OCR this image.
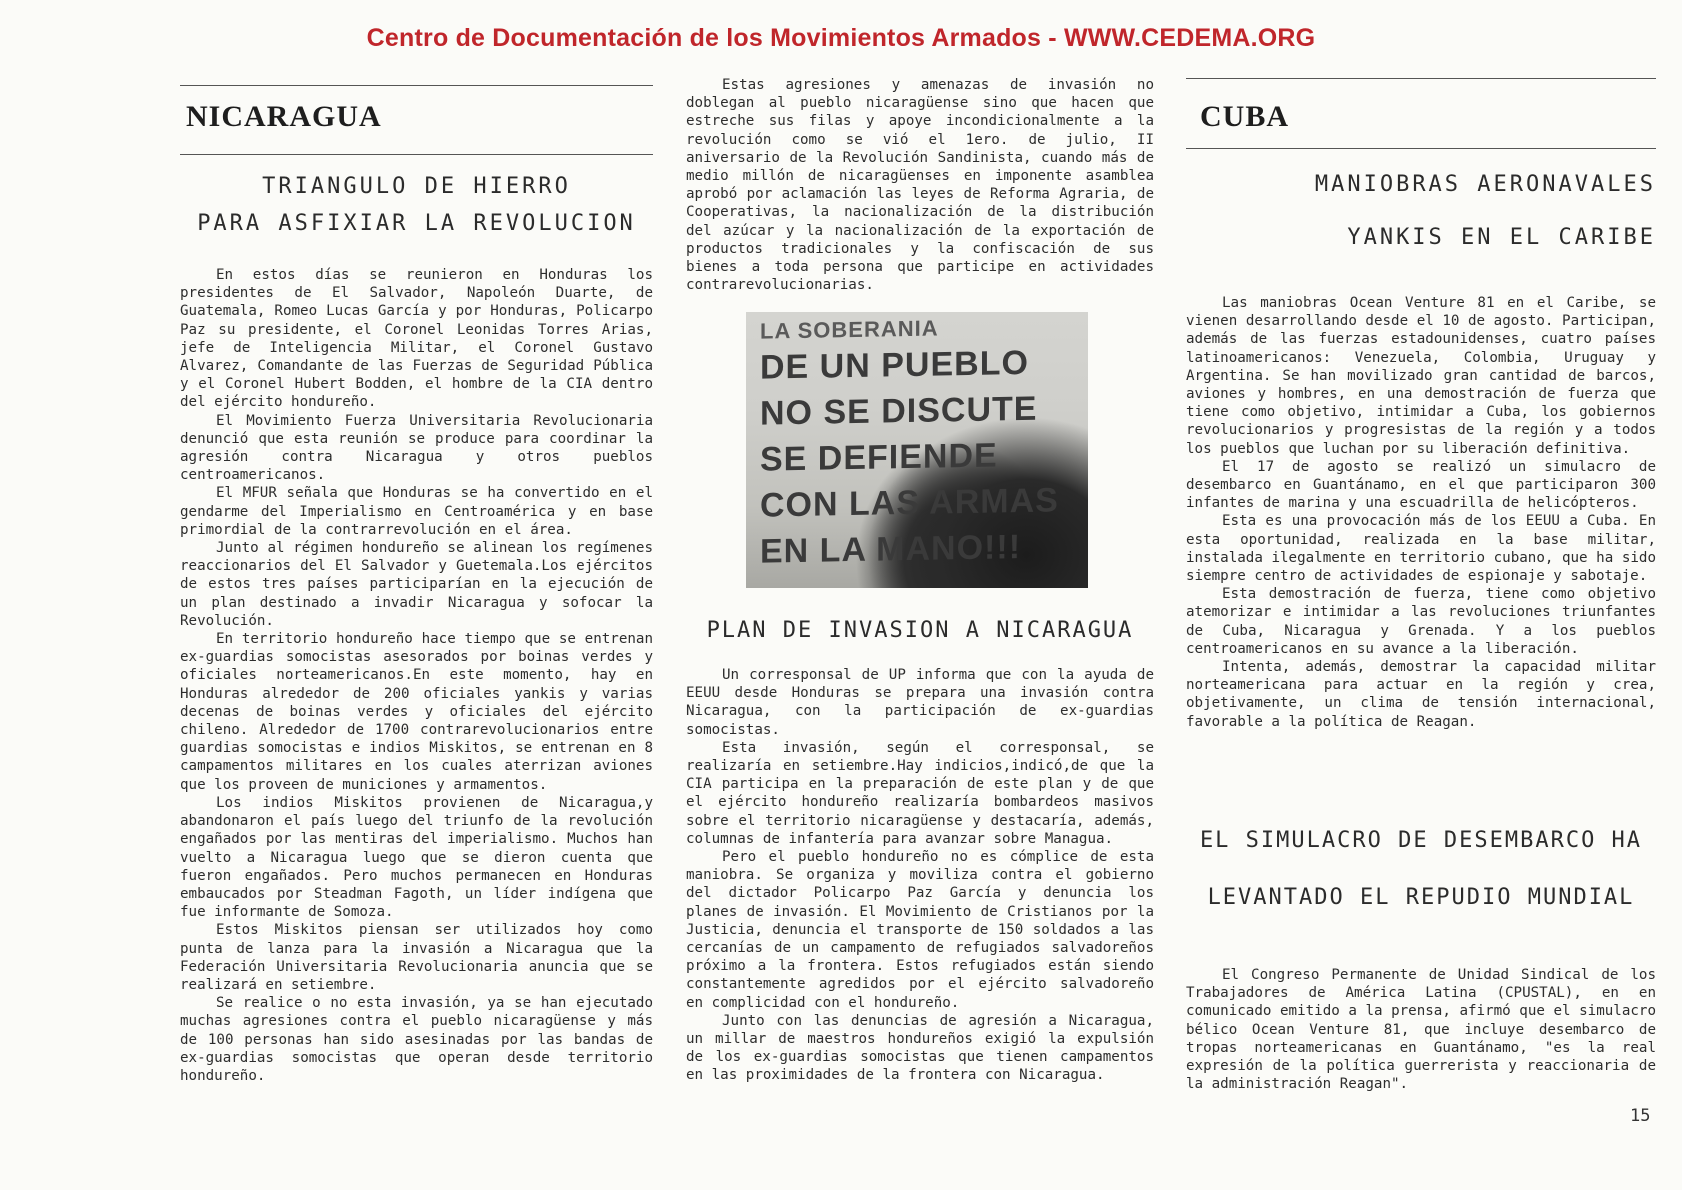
Centro de Documentación de los Movimientos Armados - WWW.CEDEMA.ORG
NICARAGUA
TRIANGULO DE HIERRO
PARA ASFIXIAR LA REVOLUCION

En estos días se reunieron en Honduras los presidentes de El Salvador, Napoleón Duarte, de Guatemala, Romeo Lucas García y por Honduras, Policarpo Paz su presidente, el Coronel Leonidas Torres Arias, jefe de Inteligencia Militar, el Coronel Gustavo Alvarez, Comandante de las Fuerzas de Seguridad Pública y el Coronel Hubert Bodden, el hombre de la CIA dentro del ejército hondureño.

El Movimiento Fuerza Universitaria Revolucionaria denunció que esta reunión se produce para coordinar la agresión contra Nicaragua y otros pueblos centroamericanos.

El MFUR señala que Honduras se ha convertido en el gendarme del Imperialismo en Centroamérica y en base primordial de la contrarrevolución en el área.

Junto al régimen hondureño se alinean los regímenes reaccionarios del El Salvador y Guetemala.Los ejércitos de estos tres países participarían en la ejecución de un plan destinado a invadir Nicaragua y sofocar la Revolución.

En territorio hondureño hace tiempo que se entrenan ex-guardias somocistas asesorados por boinas verdes y oficiales norteamericanos.En este momento, hay en Honduras alrededor de 200 oficiales yankis y varias decenas de boinas verdes y oficiales del ejército chileno. Alrededor de 1700 contrarevolucionarios entre guardias somocistas e indios Miskitos, se entrenan en 8 campamentos militares en los cuales aterrizan aviones que los proveen de municiones y armamentos.

Los indios Miskitos provienen de Nicaragua,y abandonaron el país luego del triunfo de la revolución engañados por las mentiras del imperialismo. Muchos han vuelto a Nicaragua luego que se dieron cuenta que fueron engañados. Pero muchos permanecen en Honduras embaucados por Steadman Fagoth, un líder indígena que fue informante de Somoza.

Estos Miskitos piensan ser utilizados hoy como punta de lanza para la invasión a Nicaragua que la Federación Universitaria Revolucionaria anuncia que se realizará en setiembre.

Se realice o no esta invasión, ya se han ejecutado muchas agresiones contra el pueblo nicaragüense y más de 100 personas han sido asesinadas por las bandas de ex-guardias somocistas que operan desde territorio hondureño.

Estas agresiones y amenazas de invasión no doblegan al pueblo nicaragüense sino que hacen que estreche sus filas y apoye incondicionalmente a la revolución como se vió el 1ero. de julio, II aniversario de la Revolución Sandinista, cuando más de medio millón de nicaragüenses en imponente asamblea aprobó por aclamación las leyes de Reforma Agraria, de Cooperativas, la nacionalización de la distribución del azúcar y la nacionalización de la exportación de productos tradicionales y la confiscación de sus bienes a toda persona que participe en actividades contrarevolucionarias.

LA SOBERANIA
DE UN PUEBLO
NO SE DISCUTE
SE DEFIENDE
CON LAS ARMAS
EN LA MANO!!!
PLAN DE INVASION A NICARAGUA

Un corresponsal de UP informa que con la ayuda de EEUU desde Honduras se prepara una invasión contra Nicaragua, con la participación de ex-guardias somocistas.

Esta invasión, según el corresponsal, se realizaría en setiembre.Hay indicios,indicó,de que la CIA participa en la preparación de este plan y de que el ejército hondureño realizaría bombardeos masivos sobre el territorio nicaragüense y destacaría, además, columnas de infantería para avanzar sobre Managua.

Pero el pueblo hondureño no es cómplice de esta maniobra. Se organiza y moviliza contra el gobierno del dictador Policarpo Paz García y denuncia los planes de invasión. El Movimiento de Cristianos por la Justicia, denuncia el transporte de 150 soldados a las cercanías de un campamento de refugiados salvadoreños próximo a la frontera. Estos refugiados están siendo constantemente agredidos por el ejército salvadoreño en complicidad con el hondureño.

Junto con las denuncias de agresión a Nicaragua, un millar de maestros hondureños exigió la expulsión de los ex-guardias somocistas que tienen campamentos en las proximidades de la frontera con Nicaragua.

CUBA
MANIOBRAS AERONAVALES
YANKIS EN EL CARIBE

Las maniobras Ocean Venture 81 en el Caribe, se vienen desarrollando desde el 10 de agosto. Participan, además de las fuerzas estadounidenses, cuatro países latinoamericanos: Venezuela, Colombia, Uruguay y Argentina. Se han movilizado gran cantidad de barcos, aviones y hombres, en una demostración de fuerza que tiene como objetivo, intimidar a Cuba, los gobiernos revolucionarios y progresistas de la región y a todos los pueblos que luchan por su liberación definitiva.

El 17 de agosto se realizó un simulacro de desembarco en Guantánamo, en el que participaron 300 infantes de marina y una escuadrilla de helicópteros.

Esta es una provocación más de los EEUU a Cuba. En esta oportunidad, realizada en la base militar, instalada ilegalmente en territorio cubano, que ha sido siempre centro de actividades de espionaje y sabotaje.

Esta demostración de fuerza, tiene como objetivo atemorizar e intimidar a las revoluciones triunfantes de Cuba, Nicaragua y Grenada. Y a los pueblos centroamericanos en su avance a la liberación.

Intenta, además, demostrar la capacidad militar norteamericana para actuar en la región y crea, objetivamente, un clima de tensión internacional, favorable a la política de Reagan.

EL SIMULACRO DE DESEMBARCO HA
LEVANTADO EL REPUDIO MUNDIAL

El Congreso Permanente de Unidad Sindical de los Trabajadores de América Latina (CPUSTAL), en en comunicado emitido a la prensa, afirmó que el simulacro bélico Ocean Venture 81, que incluye desembarco de tropas norteamericanas en Guantánamo, "es la real expresión de la política guerrerista y reaccionaria de la administración Reagan".

15
